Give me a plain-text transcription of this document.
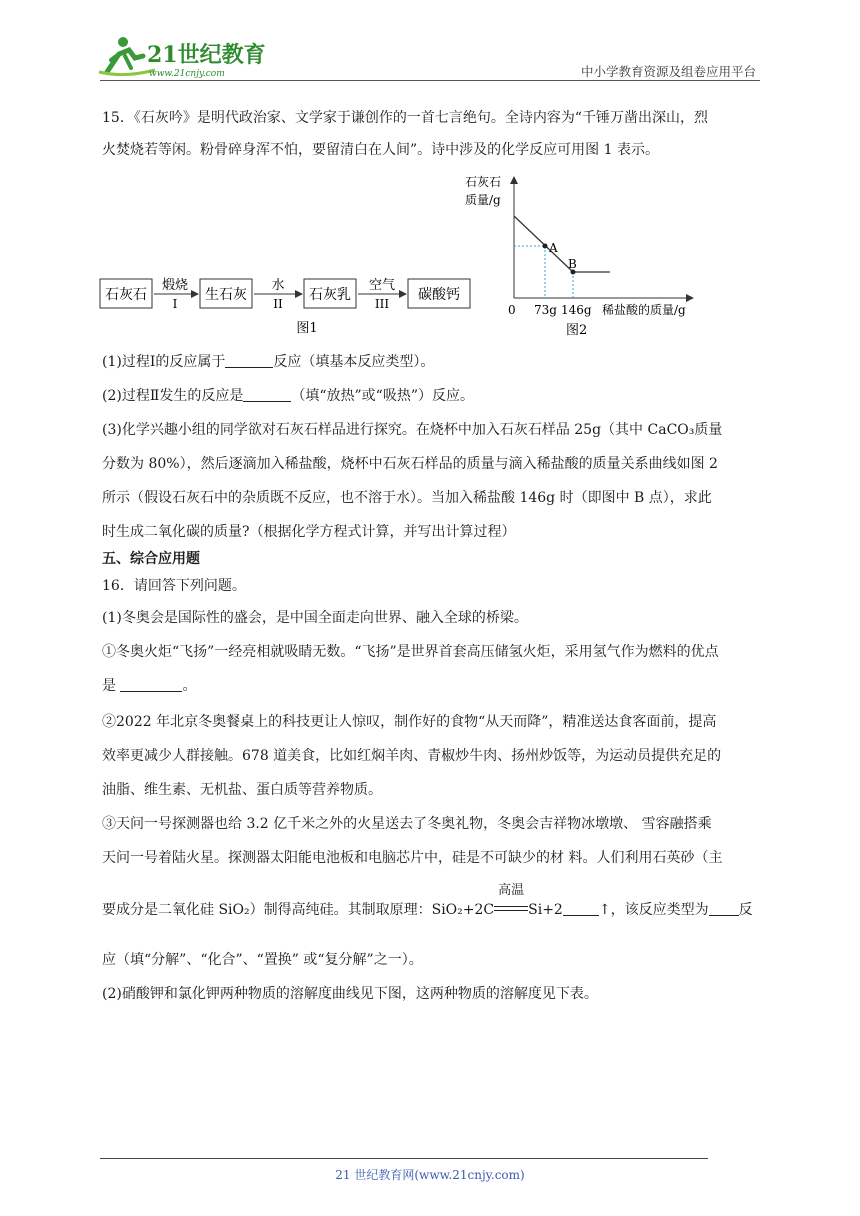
21世纪教育
www.21cnjy.com	中小学教育资源及组卷应用平台
15．《石灰吟》是明代政治家、文学家于谦创作的一首七言绝句。全诗内容为“千锤万凿出深山，烈
火焚烧若等闲。粉骨碎身浑不怕，要留清白在人间”。诗中涉及的化学反应可用图 1 表示。
石灰石	生石灰	石灰乳	碳酸钙
煅烧
I
水
II
空气
III
图1
石灰石
质量/g
A
B
0 73g 146g 稀盐酸的质量/g
图2
(1)过程Ⅰ的反应属于	反应（填基本反应类型）。
(2)过程Ⅱ发生的反应是	（填“放热”或“吸热”）反应。
(3)化学兴趣小组的同学欲对石灰石样品进行探究。在烧杯中加入石灰石样品 25g（其中 CaCO₃质量
分数为 80%），然后逐滴加入稀盐酸，烧杯中石灰石样品的质量与滴入稀盐酸的质量关系曲线如图 2
所示（假设石灰石中的杂质既不反应，也不溶于水）。当加入稀盐酸 146g 时（即图中 B 点），求此
时生成二氧化碳的质量?（根据化学方程式计算，并写出计算过程）
五、综合应用题
16．请回答下列问题。
(1)冬奥会是国际性的盛会，是中国全面走向世界、融入全球的桥梁。
①冬奥火炬“飞扬”一经亮相就吸睛无数。“飞扬”是世界首套高压储氢火炬，采用氢气作为燃料的优点
是	。
②2022 年北京冬奥餐桌上的科技更让人惊叹，制作好的食物“从天而降”，精准送达食客面前，提高
效率更减少人群接触。678 道美食，比如红焖羊肉、青椒炒牛肉、扬州炒饭等，为运动员提供充足的
油脂、维生素、无机盐、蛋白质等营养物质。
③天问一号探测器也给 3.2 亿千米之外的火星送去了冬奥礼物，冬奥会吉祥物冰墩墩、 雪容融搭乘
天问一号着陆火星。探测器太阳能电池板和电脑芯片中，硅是不可缺少的材 料。人们利用石英砂（主
要成分是二氧化硅 SiO₂）制得高纯硅。其制取原理：SiO₂+2C
高温
Si+2	↑，该反应类型为 反
应（填“分解”、“化合”、“置换” 或“复分解”之一）。
(2)硝酸钾和氯化钾两种物质的溶解度曲线见下图，这两种物质的溶解度见下表。
21 世纪教育网(www.21cnjy.com)
